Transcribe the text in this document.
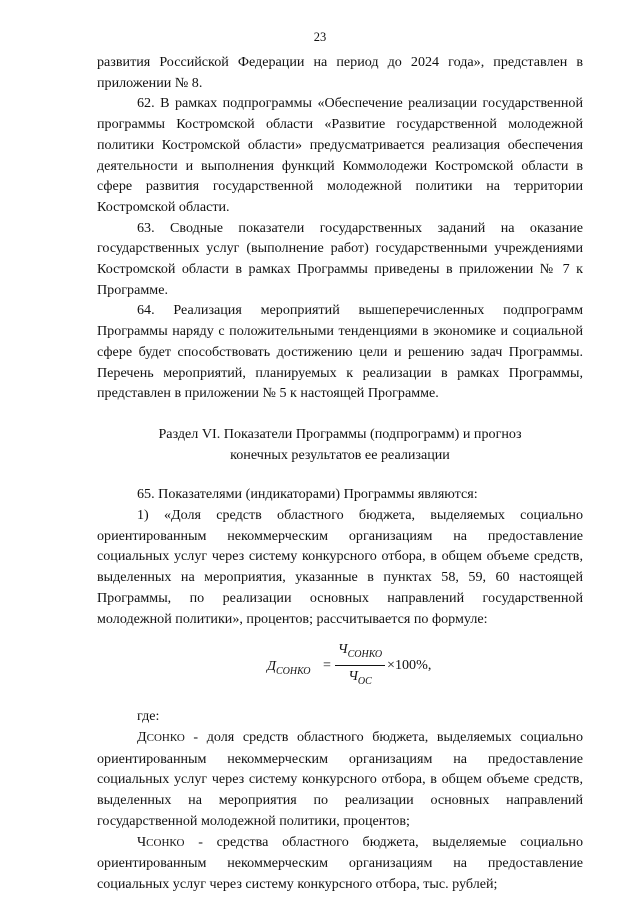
23

развития Российской Федерации на период до 2024 года», представлен в приложении № 8.

62. В рамках подпрограммы «Обеспечение реализации государственной программы Костромской области «Развитие государственной молодежной политики Костромской области» предусматривается реализация обеспечения деятельности и выполнения функций Коммолодежи Костромской области в сфере развития государственной молодежной политики на территории Костромской области.

63. Сводные показатели государственных заданий на оказание государственных услуг (выполнение работ) государственными учреждениями Костромской области в рамках Программы приведены в приложении № 7 к Программе.

64. Реализация мероприятий вышеперечисленных подпрограмм Программы наряду с положительными тенденциями в экономике и социальной сфере будет способствовать достижению цели и решению задач Программы. Перечень мероприятий, планируемых к реализации в рамках Программы, представлен в приложении № 5 к настоящей Программе.

Раздел VI. Показатели Программы (подпрограмм) и прогноз
конечных результатов ее реализации

65. Показателями (индикаторами) Программы являются:

1) «Доля средств областного бюджета, выделяемых социально ориентированным некоммерческим организациям на предоставление социальных услуг через систему конкурсного отбора, в общем объеме средств, выделенных на мероприятия, указанные в пунктах 58, 59, 60 настоящей Программы, по реализации основных направлений государственной молодежной политики», процентов; рассчитывается по формуле:

$Д_{СОНКО}$ =
$Ч_{СОНКО}$
$Ч_{ОС}$
×100%,

где:

ДСОНКО - доля средств областного бюджета, выделяемых социально ориентированным некоммерческим организациям на предоставление социальных услуг через систему конкурсного отбора, в общем объеме средств, выделенных на мероприятия по реализации основных направлений государственной молодежной политики, процентов;

ЧСОНКО - средства областного бюджета, выделяемые социально ориентированным некоммерческим организациям на предоставление социальных услуг через систему конкурсного отбора, тыс. рублей;
